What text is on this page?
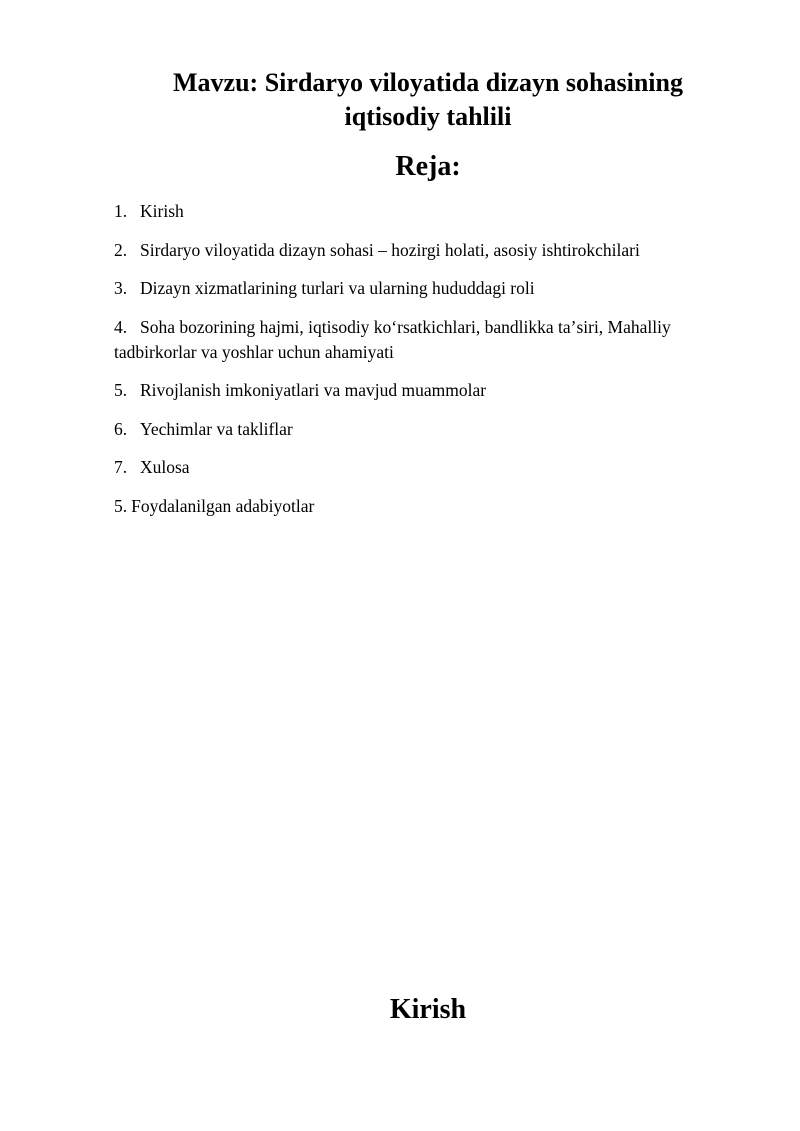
Mavzu: Sirdaryo viloyatida dizayn sohasining iqtisodiy tahlili
Reja:
1. Kirish
2. Sirdaryo viloyatida dizayn sohasi – hozirgi holati, asosiy ishtirokchilari
3. Dizayn xizmatlarining turlari va ularning hududdagi roli
4. Soha bozorining hajmi, iqtisodiy koʻrsatkichlari, bandlikka taʼsiri, Mahalliy tadbirkorlar va yoshlar uchun ahamiyati
5. Rivojlanish imkoniyatlari va mavjud muammolar
6. Yechimlar va takliflar
7. Xulosa
5. Foydalanilgan adabiyotlar
Kirish
